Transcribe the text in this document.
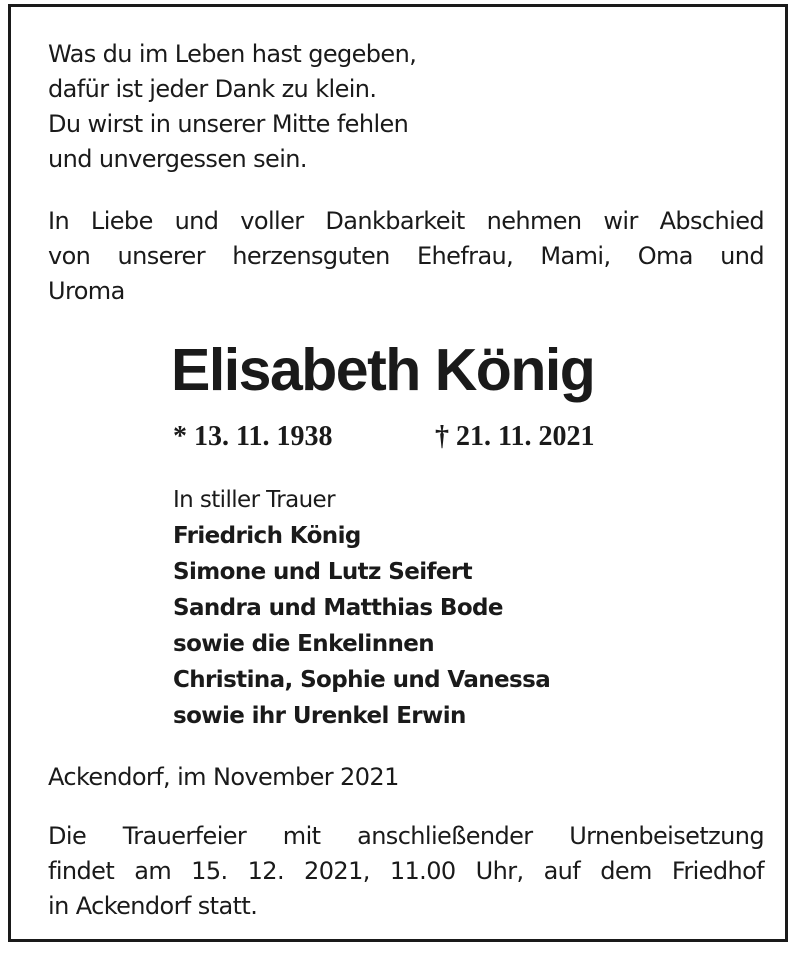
Was du im Leben hast gegeben,
dafür ist jeder Dank zu klein.
Du wirst in unserer Mitte fehlen
und unvergessen sein.

In Liebe und voller Dankbarkeit nehmen wir Abschied
von unserer herzensguten Ehefrau, Mami, Oma und
Uroma

Elisabeth König

* 13. 11. 1938	† 21. 11. 2021

In stiller Trauer
Friedrich König
Simone und Lutz Seifert
Sandra und Matthias Bode
sowie die Enkelinnen
Christina, Sophie und Vanessa
sowie ihr Urenkel Erwin

Ackendorf, im November 2021

Die Trauerfeier mit anschließender Urnenbeisetzung
findet am 15. 12. 2021, 11.00 Uhr, auf dem Friedhof
in Ackendorf statt.
